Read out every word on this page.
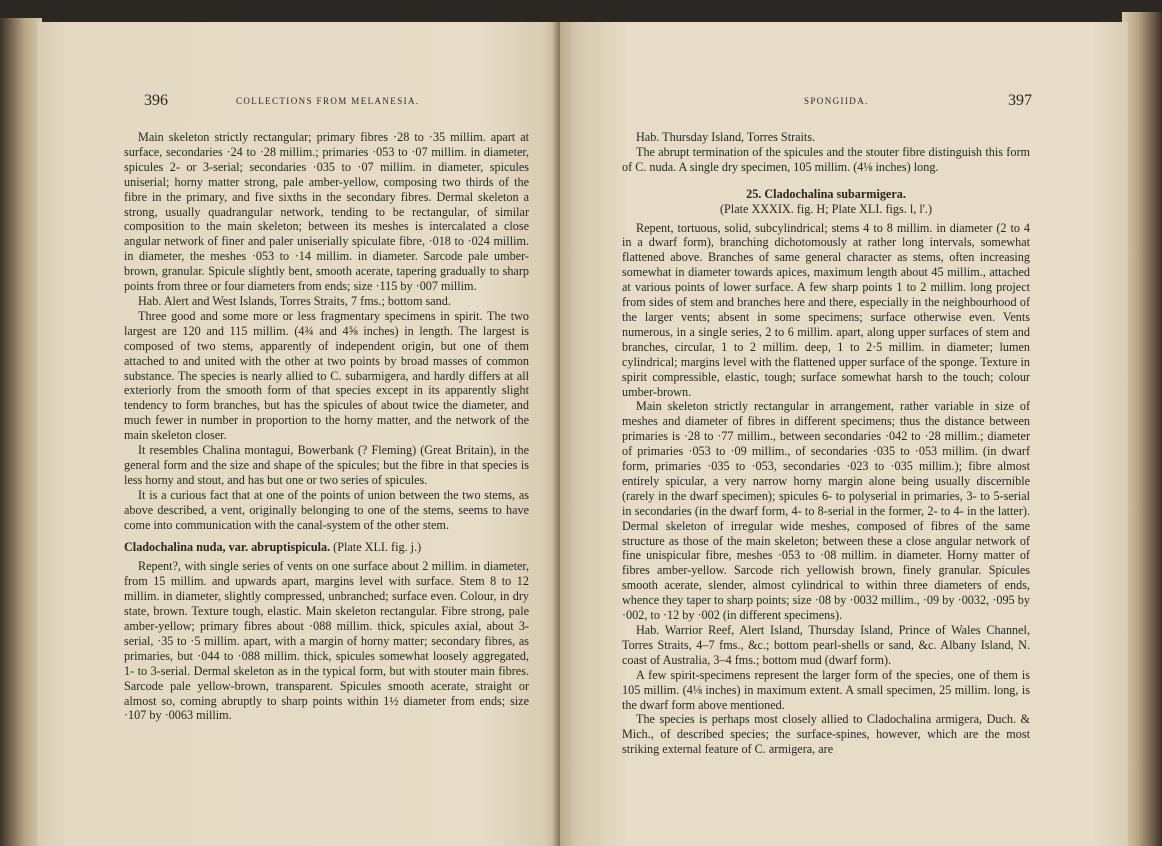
396	COLLECTIONS FROM MELANESIA.

Main skeleton strictly rectangular; primary fibres ·28 to ·35 millim. apart at surface, secondaries ·24 to ·28 millim.; primaries ·053 to ·07 millim. in diameter, spicules 2- or 3-serial; secondaries ·035 to ·07 millim. in diameter, spicules uniserial; horny matter strong, pale amber-yellow, composing two thirds of the fibre in the primary, and five sixths in the secondary fibres. Dermal skeleton a strong, usually quadrangular network, tending to be rectangular, of similar composition to the main skeleton; between its meshes is intercalated a close angular network of finer and paler uniserially spiculate fibre, ·018 to ·024 millim. in diameter, the meshes ·053 to ·14 millim. in diameter. Sarcode pale umber-brown, granular. Spicule slightly bent, smooth acerate, tapering gradually to sharp points from three or four diameters from ends; size ·115 by ·007 millim.

Hab. Alert and West Islands, Torres Straits, 7 fms.; bottom sand.

Three good and some more or less fragmentary specimens in spirit. The two largest are 120 and 115 millim. (4¾ and 4⅝ inches) in length. The largest is composed of two stems, apparently of independent origin, but one of them attached to and united with the other at two points by broad masses of common substance. The species is nearly allied to C. subarmigera, and hardly differs at all exteriorly from the smooth form of that species except in its apparently slight tendency to form branches, but has the spicules of about twice the diameter, and much fewer in number in proportion to the horny matter, and the network of the main skeleton closer.

It resembles Chalina montagui, Bowerbank (? Fleming) (Great Britain), in the general form and the size and shape of the spicules; but the fibre in that species is less horny and stout, and has but one or two series of spicules.

It is a curious fact that at one of the points of union between the two stems, as above described, a vent, originally belonging to one of the stems, seems to have come into communication with the canal-system of the other stem.

Cladochalina nuda, var. abruptispicula. (Plate XLI. fig. j.)

Repent?, with single series of vents on one surface about 2 millim. in diameter, from 15 millim. and upwards apart, margins level with surface. Stem 8 to 12 millim. in diameter, slightly compressed, unbranched; surface even. Colour, in dry state, brown. Texture tough, elastic. Main skeleton rectangular. Fibre strong, pale amber-yellow; primary fibres about ·088 millim. thick, spicules axial, about 3-serial, ·35 to ·5 millim. apart, with a margin of horny matter; secondary fibres, as primaries, but ·044 to ·088 millim. thick, spicules somewhat loosely aggregated, 1- to 3-serial. Dermal skeleton as in the typical form, but with stouter main fibres. Sarcode pale yellow-brown, transparent. Spicules smooth acerate, straight or almost so, coming abruptly to sharp points within 1½ diameter from ends; size ·107 by ·0063 millim.

SPONGIIDA.	397

Hab. Thursday Island, Torres Straits.

The abrupt termination of the spicules and the stouter fibre distinguish this form of C. nuda. A single dry specimen, 105 millim. (4⅛ inches) long.

25. Cladochalina subarmigera.

(Plate XXXIX. fig. H; Plate XLI. figs. l, l'.)

Repent, tortuous, solid, subcylindrical; stems 4 to 8 millim. in diameter (2 to 4 in a dwarf form), branching dichotomously at rather long intervals, somewhat flattened above. Branches of same general character as stems, often increasing somewhat in diameter towards apices, maximum length about 45 millim., attached at various points of lower surface. A few sharp points 1 to 2 millim. long project from sides of stem and branches here and there, especially in the neighbourhood of the larger vents; absent in some specimens; surface otherwise even. Vents numerous, in a single series, 2 to 6 millim. apart, along upper surfaces of stem and branches, circular, 1 to 2 millim. deep, 1 to 2·5 millim. in diameter; lumen cylindrical; margins level with the flattened upper surface of the sponge. Texture in spirit compressible, elastic, tough; surface somewhat harsh to the touch; colour umber-brown.

Main skeleton strictly rectangular in arrangement, rather variable in size of meshes and diameter of fibres in different specimens; thus the distance between primaries is ·28 to ·77 millim., between secondaries ·042 to ·28 millim.; diameter of primaries ·053 to ·09 millim., of secondaries ·035 to ·053 millim. (in dwarf form, primaries ·035 to ·053, secondaries ·023 to ·035 millim.); fibre almost entirely spicular, a very narrow horny margin alone being usually discernible (rarely in the dwarf specimen); spicules 6- to polyserial in primaries, 3- to 5-serial in secondaries (in the dwarf form, 4- to 8-serial in the former, 2- to 4- in the latter). Dermal skeleton of irregular wide meshes, composed of fibres of the same structure as those of the main skeleton; between these a close angular network of fine unispicular fibre, meshes ·053 to ·08 millim. in diameter. Horny matter of fibres amber-yellow. Sarcode rich yellowish brown, finely granular. Spicules smooth acerate, slender, almost cylindrical to within three diameters of ends, whence they taper to sharp points; size ·08 by ·0032 millim., ·09 by ·0032, ·095 by ·002, to ·12 by ·002 (in different specimens).

Hab. Warrior Reef, Alert Island, Thursday Island, Prince of Wales Channel, Torres Straits, 4–7 fms., &c.; bottom pearl-shells or sand, &c. Albany Island, N. coast of Australia, 3–4 fms.; bottom mud (dwarf form).

A few spirit-specimens represent the larger form of the species, one of them is 105 millim. (4⅛ inches) in maximum extent. A small specimen, 25 millim. long, is the dwarf form above mentioned.

The species is perhaps most closely allied to Cladochalina armigera, Duch. & Mich., of described species; the surface-spines, however, which are the most striking external feature of C. armigera, are
